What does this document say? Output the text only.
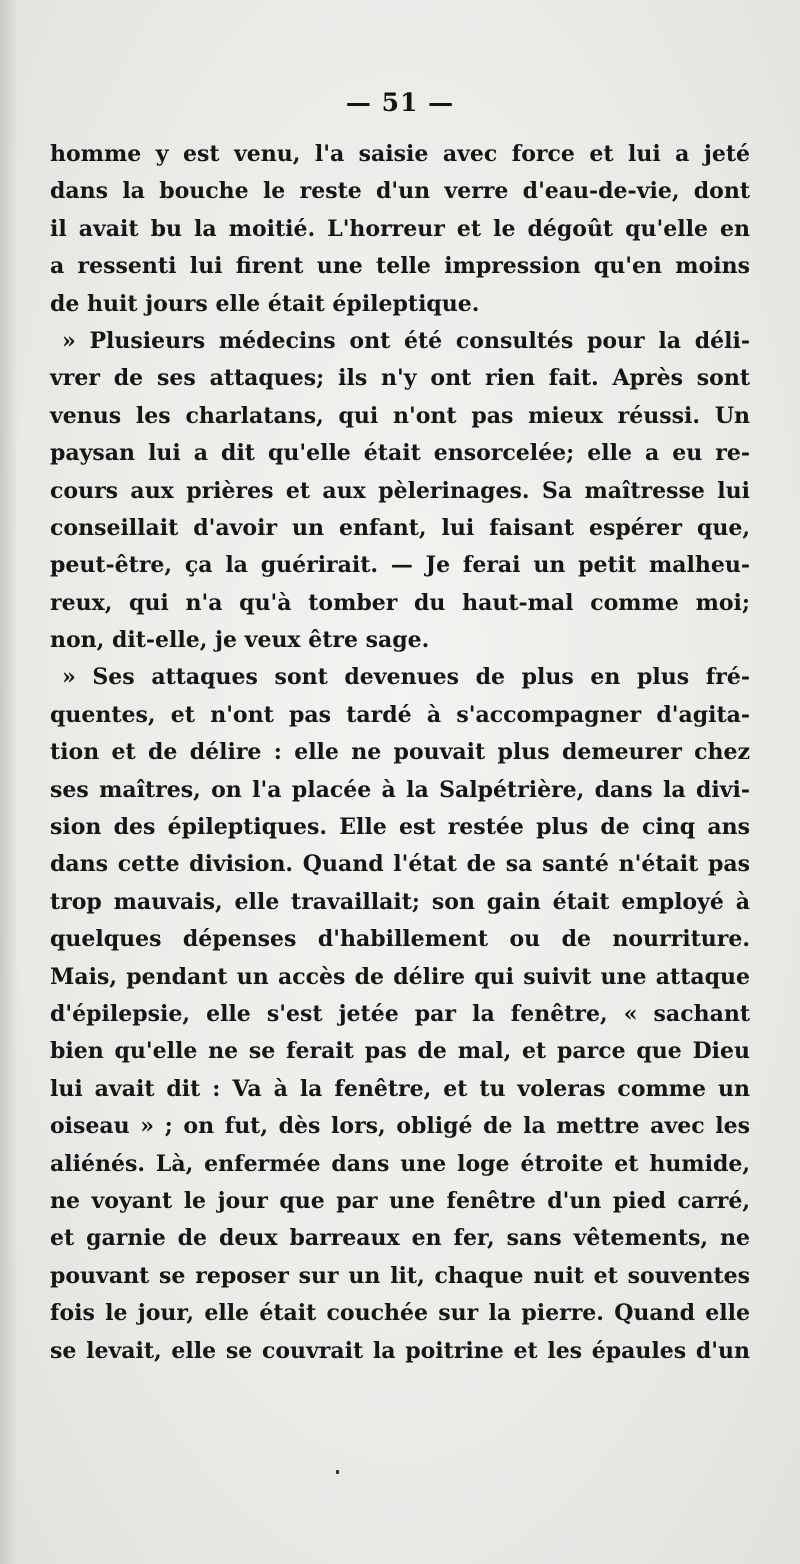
— 51 —
homme y est venu, l'a saisie avec force et lui a jeté
dans la bouche le reste d'un verre d'eau-de-vie, dont
il avait bu la moitié. L'horreur et le dégoût qu'elle en
a ressenti lui firent une telle impression qu'en moins
de huit jours elle était épileptique.
» Plusieurs médecins ont été consultés pour la déli-
vrer de ses attaques; ils n'y ont rien fait. Après sont
venus les charlatans, qui n'ont pas mieux réussi. Un
paysan lui a dit qu'elle était ensorcelée; elle a eu re-
cours aux prières et aux pèlerinages. Sa maîtresse lui
conseillait d'avoir un enfant, lui faisant espérer que,
peut-être, ça la guérirait. — Je ferai un petit malheu-
reux, qui n'a qu'à tomber du haut-mal comme moi;
non, dit-elle, je veux être sage.
» Ses attaques sont devenues de plus en plus fré-
quentes, et n'ont pas tardé à s'accompagner d'agita-
tion et de délire : elle ne pouvait plus demeurer chez
ses maîtres, on l'a placée à la Salpétrière, dans la divi-
sion des épileptiques. Elle est restée plus de cinq ans
dans cette division. Quand l'état de sa santé n'était pas
trop mauvais, elle travaillait; son gain était employé à
quelques dépenses d'habillement ou de nourriture.
Mais, pendant un accès de délire qui suivit une attaque
d'épilepsie, elle s'est jetée par la fenêtre, « sachant
bien qu'elle ne se ferait pas de mal, et parce que Dieu
lui avait dit : Va à la fenêtre, et tu voleras comme un
oiseau » ; on fut, dès lors, obligé de la mettre avec les
aliénés. Là, enfermée dans une loge étroite et humide,
ne voyant le jour que par une fenêtre d'un pied carré,
et garnie de deux barreaux en fer, sans vêtements, ne
pouvant se reposer sur un lit, chaque nuit et souventes
fois le jour, elle était couchée sur la pierre. Quand elle
se levait, elle se couvrait la poitrine et les épaules d'un
